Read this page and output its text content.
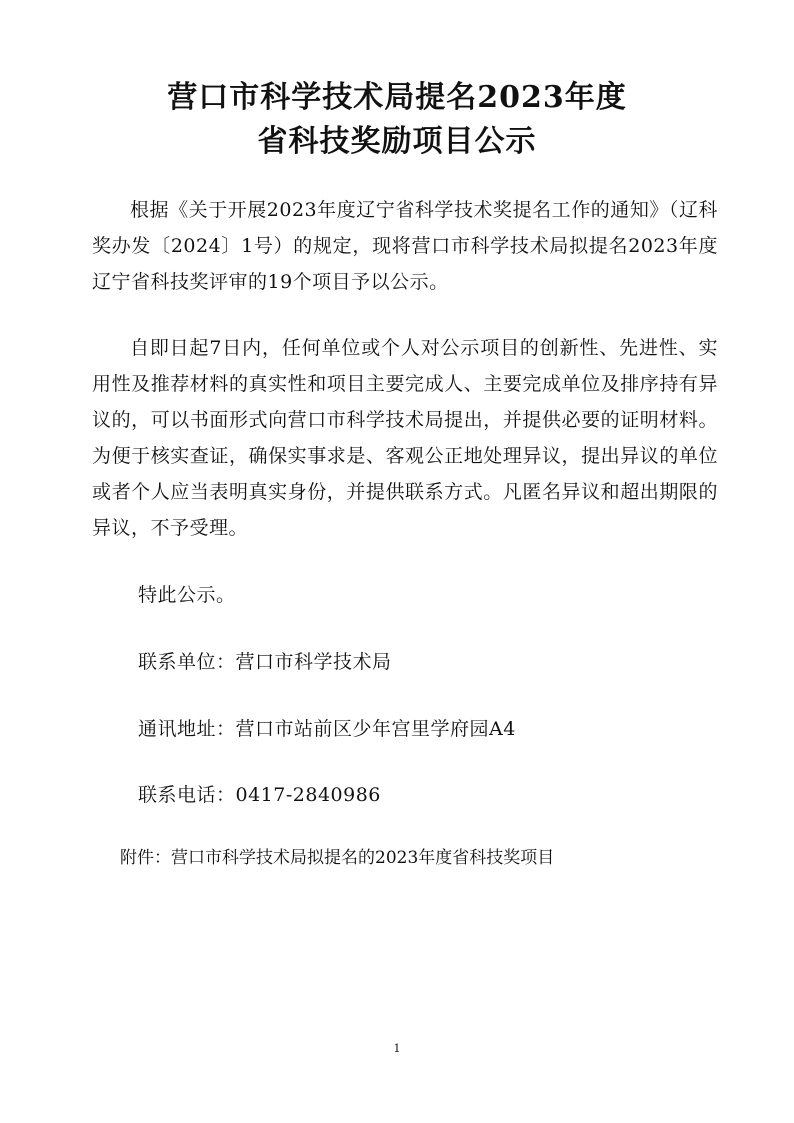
营口市科学技术局提名2023年度
省科技奖励项目公示

根据《关于开展2023年度辽宁省科学技术奖提名工作的通知》（辽科奖办发〔2024〕1号）的规定，现将营口市科学技术局拟提名2023年度辽宁省科技奖评审的19个项目予以公示。

自即日起7日内，任何单位或个人对公示项目的创新性、先进性、实用性及推荐材料的真实性和项目主要完成人、主要完成单位及排序持有异议的，可以书面形式向营口市科学技术局提出，并提供必要的证明材料。为便于核实查证，确保实事求是、客观公正地处理异议，提出异议的单位或者个人应当表明真实身份，并提供联系方式。凡匿名异议和超出期限的异议，不予受理。

特此公示。
联系单位：营口市科学技术局
通讯地址：营口市站前区少年宫里学府园A4
联系电话：0417-2840986
附件：营口市科学技术局拟提名的2023年度省科技奖项目
1
